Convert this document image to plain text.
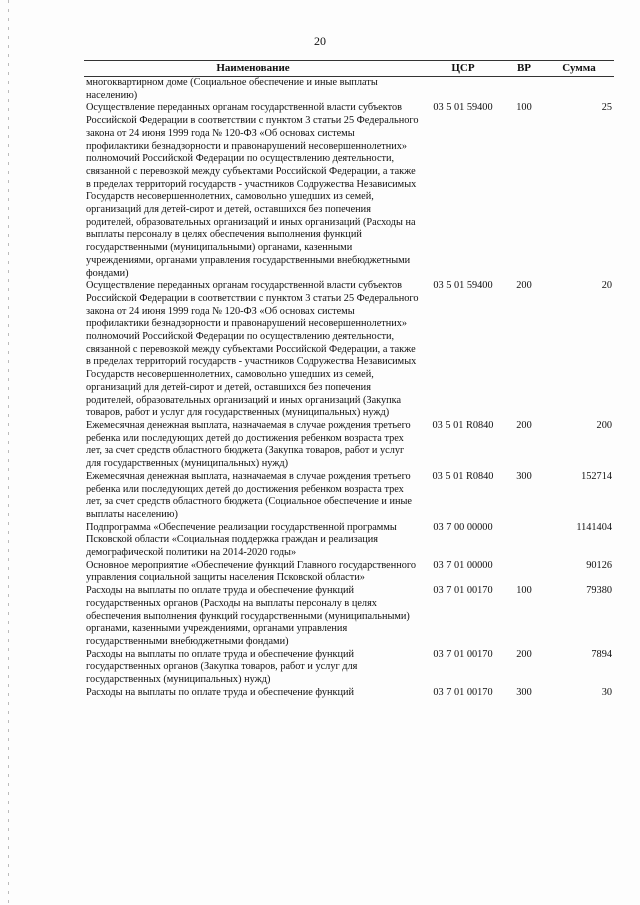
20
Наименование	ЦСР	ВР	Сумма
многоквартирном доме (Социальное обеспечение и иные выплаты населению)			
Осуществление переданных органам государственной власти субъектов Российской Федерации в соответствии с пунктом 3 статьи 25 Федерального закона от 24 июня 1999 года № 120-ФЗ «Об основах системы профилактики безнадзорности и правонарушений несовершеннолетних» полномочий Российской Федерации по осуществлению деятельности, связанной с перевозкой между субъектами Российской Федерации, а также в пределах территорий государств - участников Содружества Независимых Государств несовершеннолетних, самовольно ушедших из семей, организаций для детей-сирот и детей, оставшихся без попечения родителей, образовательных организаций и иных организаций (Расходы на выплаты персоналу в целях обеспечения выполнения функций государственными (муниципальными) органами, казенными учреждениями, органами управления государственными внебюджетными фондами)	03 5 01 59400	100	25
Осуществление переданных органам государственной власти субъектов Российской Федерации в соответствии с пунктом 3 статьи 25 Федерального закона от 24 июня 1999 года № 120-ФЗ «Об основах системы профилактики безнадзорности и правонарушений несовершеннолетних» полномочий Российской Федерации по осуществлению деятельности, связанной с перевозкой между субъектами Российской Федерации, а также в пределах территорий государств - участников Содружества Независимых Государств несовершеннолетних, самовольно ушедших из семей, организаций для детей-сирот и детей, оставшихся без попечения родителей, образовательных организаций и иных организаций (Закупка товаров, работ и услуг для государственных (муниципальных) нужд)	03 5 01 59400	200	20
Ежемесячная денежная выплата, назначаемая в случае рождения третьего ребенка или последующих детей до достижения ребенком возраста трех лет, за счет средств областного бюджета (Закупка товаров, работ и услуг для государственных (муниципальных) нужд)	03 5 01 R0840	200	200
Ежемесячная денежная выплата, назначаемая в случае рождения третьего ребенка или последующих детей до достижения ребенком возраста трех лет, за счет средств областного бюджета (Социальное обеспечение и иные выплаты населению)	03 5 01 R0840	300	152714
Подпрограмма «Обеспечение реализации государственной программы Псковской области «Социальная поддержка граждан и реализация демографической политики на 2014-2020 годы»	03 7 00 00000		1141404
Основное мероприятие «Обеспечение функций Главного государственного управления социальной защиты населения Псковской области»	03 7 01 00000		90126
Расходы на выплаты по оплате труда и обеспечение функций государственных органов (Расходы на выплаты персоналу в целях обеспечения выполнения функций государственными (муниципальными) органами, казенными учреждениями, органами управления государственными внебюджетными фондами)	03 7 01 00170	100	79380
Расходы на выплаты по оплате труда и обеспечение функций государственных органов (Закупка товаров, работ и услуг для государственных (муниципальных) нужд)	03 7 01 00170	200	7894
Расходы на выплаты по оплате труда и обеспечение функций	03 7 01 00170	300	30
